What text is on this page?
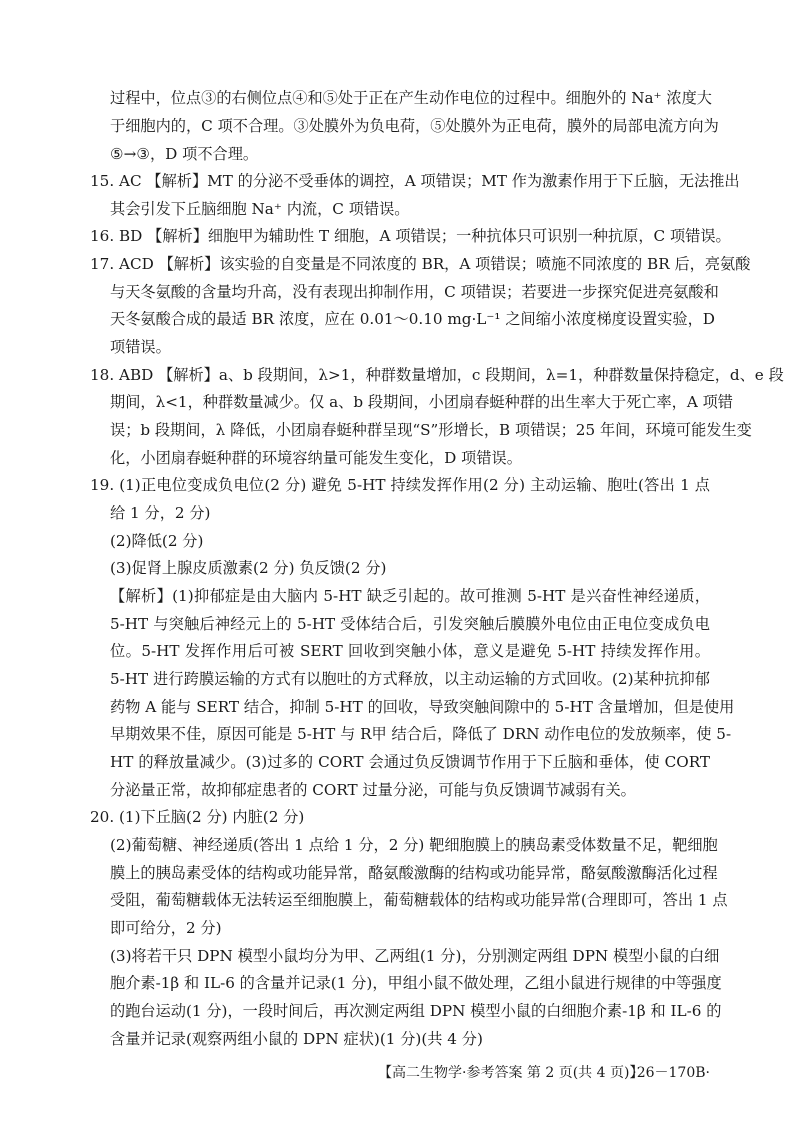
过程中，位点③的右侧位点④和⑤处于正在产生动作电位的过程中。细胞外的 Na⁺ 浓度大
于细胞内的，C 项不合理。③处膜外为负电荷，⑤处膜外为正电荷，膜外的局部电流方向为
⑤→③，D 项不合理。
15. AC 【解析】MT 的分泌不受垂体的调控，A 项错误；MT 作为激素作用于下丘脑，无法推出
其会引发下丘脑细胞 Na⁺ 内流，C 项错误。
16. BD 【解析】细胞甲为辅助性 T 细胞，A 项错误；一种抗体只可识别一种抗原，C 项错误。
17. ACD 【解析】该实验的自变量是不同浓度的 BR，A 项错误；喷施不同浓度的 BR 后，亮氨酸
与天冬氨酸的含量均升高，没有表现出抑制作用，C 项错误；若要进一步探究促进亮氨酸和
天冬氨酸合成的最适 BR 浓度，应在 0.01～0.10 mg·L⁻¹ 之间缩小浓度梯度设置实验，D
项错误。
18. ABD 【解析】a、b 段期间，λ>1，种群数量增加，c 段期间，λ=1，种群数量保持稳定，d、e 段
期间，λ<1，种群数量减少。仅 a、b 段期间，小团扇春蜓种群的出生率大于死亡率，A 项错
误；b 段期间，λ 降低，小团扇春蜓种群呈现“S”形增长，B 项错误；25 年间，环境可能发生变
化，小团扇春蜓种群的环境容纳量可能发生变化，D 项错误。
19. (1)正电位变成负电位(2 分) 避免 5-HT 持续发挥作用(2 分) 主动运输、胞吐(答出 1 点
给 1 分，2 分)
(2)降低(2 分)
(3)促肾上腺皮质激素(2 分) 负反馈(2 分)
【解析】(1)抑郁症是由大脑内 5-HT 缺乏引起的。故可推测 5-HT 是兴奋性神经递质，
5-HT 与突触后神经元上的 5-HT 受体结合后，引发突触后膜膜外电位由正电位变成负电
位。5-HT 发挥作用后可被 SERT 回收到突触小体，意义是避免 5-HT 持续发挥作用。
5-HT 进行跨膜运输的方式有以胞吐的方式释放，以主动运输的方式回收。(2)某种抗抑郁
药物 A 能与 SERT 结合，抑制 5-HT 的回收，导致突触间隙中的 5-HT 含量增加，但是使用
早期效果不佳，原因可能是 5-HT 与 R甲 结合后，降低了 DRN 动作电位的发放频率，使 5-
HT 的释放量减少。(3)过多的 CORT 会通过负反馈调节作用于下丘脑和垂体，使 CORT
分泌量正常，故抑郁症患者的 CORT 过量分泌，可能与负反馈调节减弱有关。
20. (1)下丘脑(2 分) 内脏(2 分)
(2)葡萄糖、神经递质(答出 1 点给 1 分，2 分) 靶细胞膜上的胰岛素受体数量不足，靶细胞
膜上的胰岛素受体的结构或功能异常，酪氨酸激酶的结构或功能异常，酪氨酸激酶活化过程
受阻，葡萄糖载体无法转运至细胞膜上，葡萄糖载体的结构或功能异常(合理即可，答出 1 点
即可给分，2 分)
(3)将若干只 DPN 模型小鼠均分为甲、乙两组(1 分)，分别测定两组 DPN 模型小鼠的白细
胞介素-1β 和 IL-6 的含量并记录(1 分)，甲组小鼠不做处理，乙组小鼠进行规律的中等强度
的跑台运动(1 分)，一段时间后，再次测定两组 DPN 模型小鼠的白细胞介素-1β 和 IL-6 的
含量并记录(观察两组小鼠的 DPN 症状)(1 分)(共 4 分)
【高二生物学·参考答案 第 2 页(共 4 页)】
·26－170B·
